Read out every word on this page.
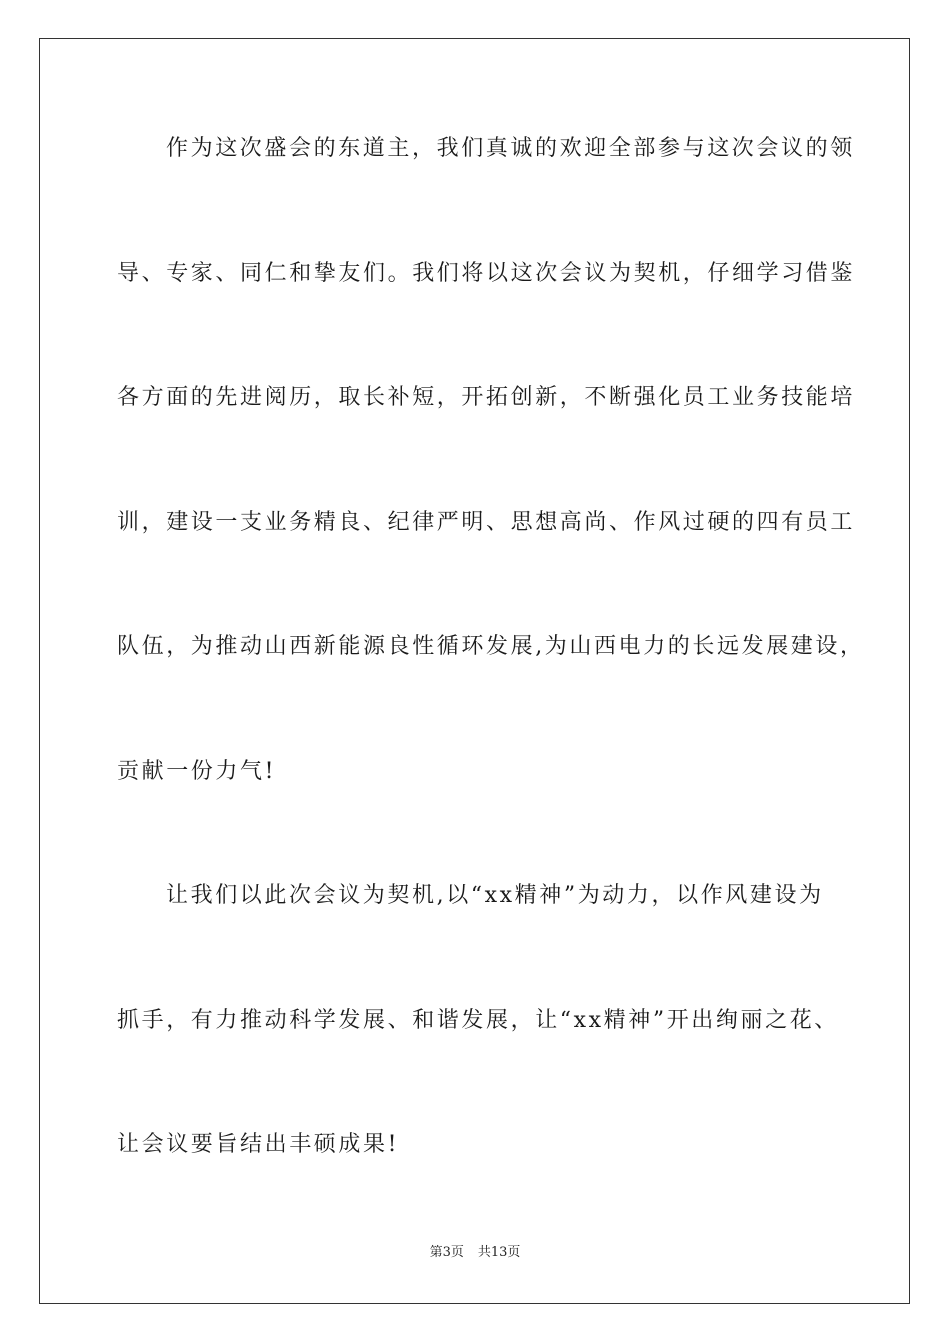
作为这次盛会的东道主，我们真诚的欢迎全部参与这次会议的领
导、专家、同仁和挚友们。我们将以这次会议为契机，仔细学习借鉴
各方面的先进阅历，取长补短，开拓创新，不断强化员工业务技能培
训，建设一支业务精良、纪律严明、思想高尚、作风过硬的四有员工
队伍，为推动山西新能源良性循环发展,为山西电力的长远发展建设，
贡献一份力气!
让我们以此次会议为契机,以“xx精神”为动力，以作风建设为
抓手，有力推动科学发展、和谐发展，让“xx精神”开出绚丽之花、
让会议要旨结出丰硕成果!
第3页 共13页
